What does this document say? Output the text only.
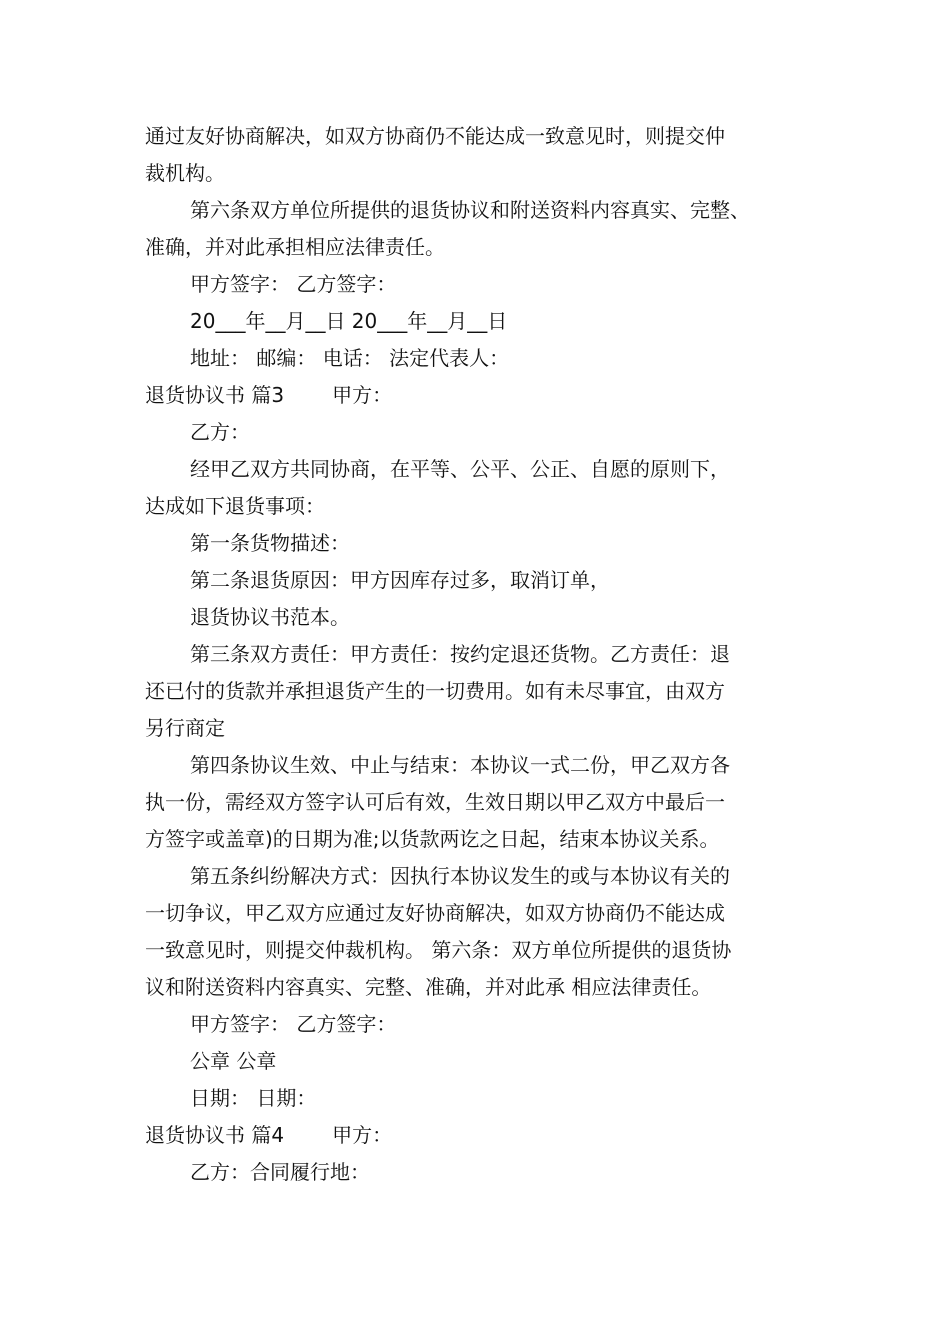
通过友好协商解决，如双方协商仍不能达成一致意见时，则提交仲
裁机构。
第六条双方单位所提供的退货协议和附送资料内容真实、完整、
准确，并对此承担相应法律责任。
甲方签字： 乙方签字：
20___年__月__日 20___年__月__日
地址： 邮编： 电话： 法定代表人：
退货协议书 篇3 甲方：
乙方：
经甲乙双方共同协商，在平等、公平、公正、自愿的原则下，
达成如下退货事项：
第一条货物描述：
第二条退货原因：甲方因库存过多，取消订单，
退货协议书范本。
第三条双方责任：甲方责任：按约定退还货物。乙方责任：退
还已付的货款并承担退货产生的一切费用。如有未尽事宜，由双方
另行商定
第四条协议生效、中止与结束：本协议一式二份，甲乙双方各
执一份，需经双方签字认可后有效，生效日期以甲乙双方中最后一
方签字或盖章)的日期为准;以货款两讫之日起，结束本协议关系。
第五条纠纷解决方式：因执行本协议发生的或与本协议有关的
一切争议，甲乙双方应通过友好协商解决，如双方协商仍不能达成
一致意见时，则提交仲裁机构。 第六条：双方单位所提供的退货协
议和附送资料内容真实、完整、准确，并对此承 相应法律责任。
甲方签字： 乙方签字：
公章 公章
日期： 日期：
退货协议书 篇4 甲方：
乙方：合同履行地：
